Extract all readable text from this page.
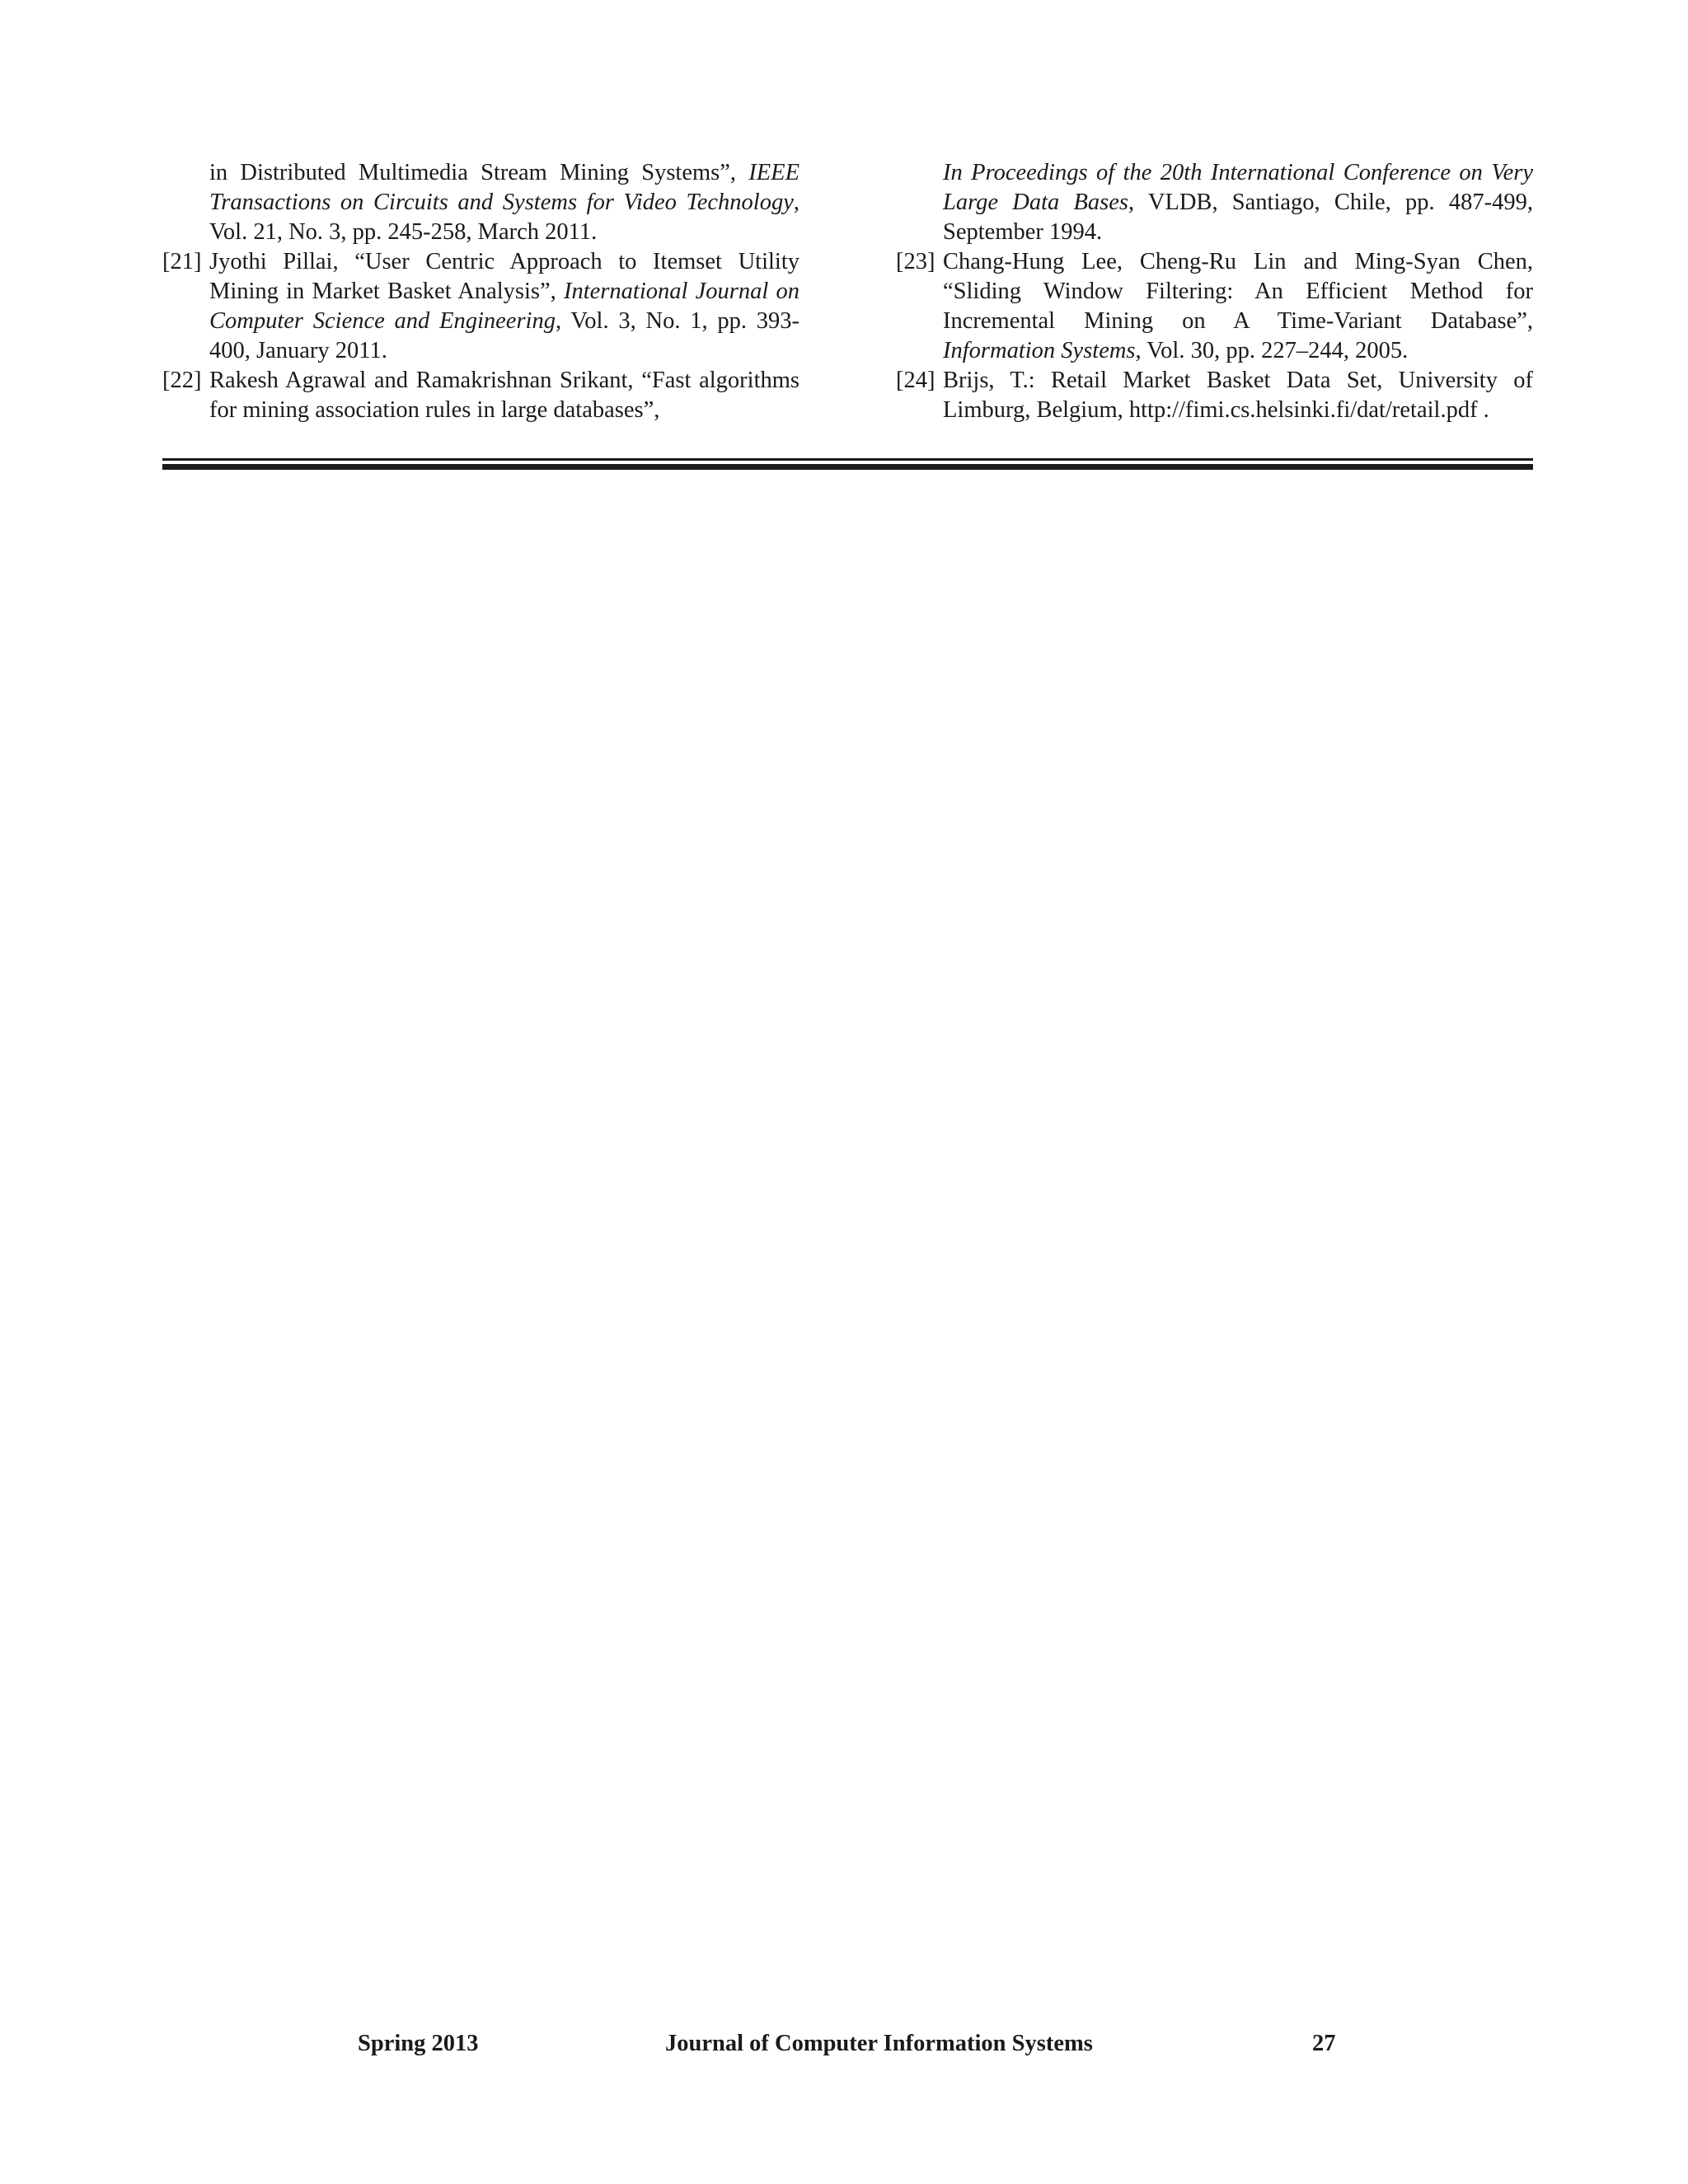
in Distributed Multimedia Stream Mining Systems”, IEEE Transactions on Circuits and Systems for Video Technology, Vol. 21, No. 3, pp. 245-258, March 2011.
[21] Jyothi Pillai, “User Centric Approach to Itemset Utility Mining in Market Basket Analysis”, International Journal on Computer Science and Engineering, Vol. 3, No. 1, pp. 393-400, January 2011.
[22] Rakesh Agrawal and Ramakrishnan Srikant, “Fast algorithms for mining association rules in large databases”,
In Proceedings of the 20th International Conference on Very Large Data Bases, VLDB, Santiago, Chile, pp. 487-499, September 1994.
[23] Chang-Hung Lee, Cheng-Ru Lin and Ming-Syan Chen, “Sliding Window Filtering: An Efficient Method for Incremental Mining on A Time-Variant Database”, Information Systems, Vol. 30, pp. 227–244, 2005.
[24] Brijs, T.: Retail Market Basket Data Set, University of Limburg, Belgium, http://fimi.cs.helsinki.fi/dat/retail.pdf .
Spring 2013	Journal of Computer Information Systems	27
